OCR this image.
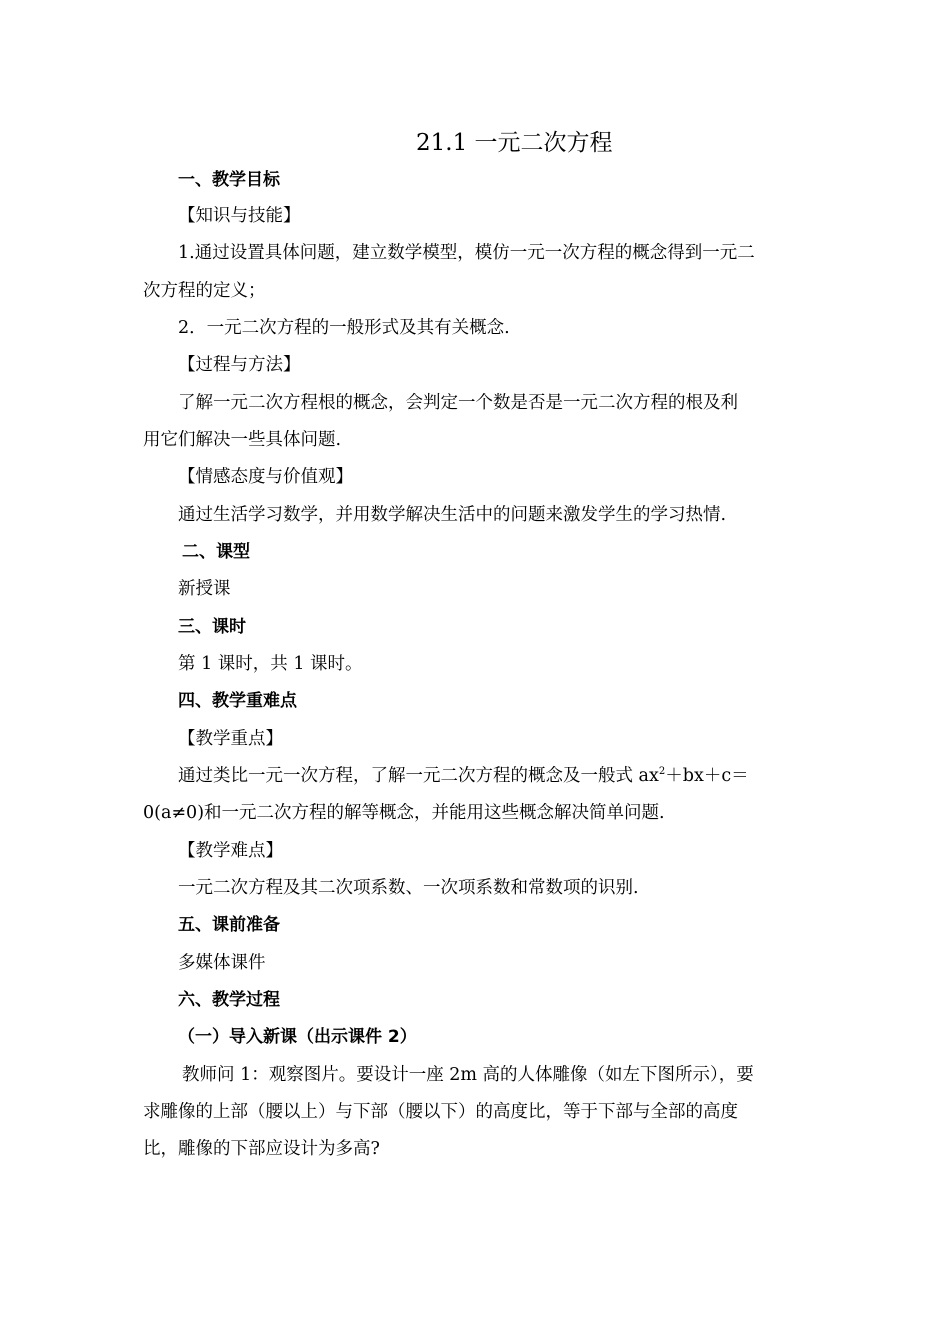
21.1 一元二次方程
一、教学目标
【知识与技能】
1.通过设置具体问题，建立数学模型，模仿一元一次方程的概念得到一元二
次方程的定义；
2．一元二次方程的一般形式及其有关概念.
【过程与方法】
了解一元二次方程根的概念，会判定一个数是否是一元二次方程的根及利
用它们解决一些具体问题.
【情感态度与价值观】
通过生活学习数学，并用数学解决生活中的问题来激发学生的学习热情.
二、课型
新授课
三、课时
第 1 课时，共 1 课时。
四、教学重难点
【教学重点】
通过类比一元一次方程，了解一元二次方程的概念及一般式 $ax^2+bx+c=$
0(a≠0)和一元二次方程的解等概念，并能用这些概念解决简单问题.
【教学难点】
一元二次方程及其二次项系数、一次项系数和常数项的识别.
五、课前准备
多媒体课件
六、教学过程
（一）导入新课（出示课件 2）
教师问 1：观察图片。要设计一座 2m 高的人体雕像（如左下图所示），要
求雕像的上部（腰以上）与下部（腰以下）的高度比，等于下部与全部的高度
比，雕像的下部应设计为多高?
